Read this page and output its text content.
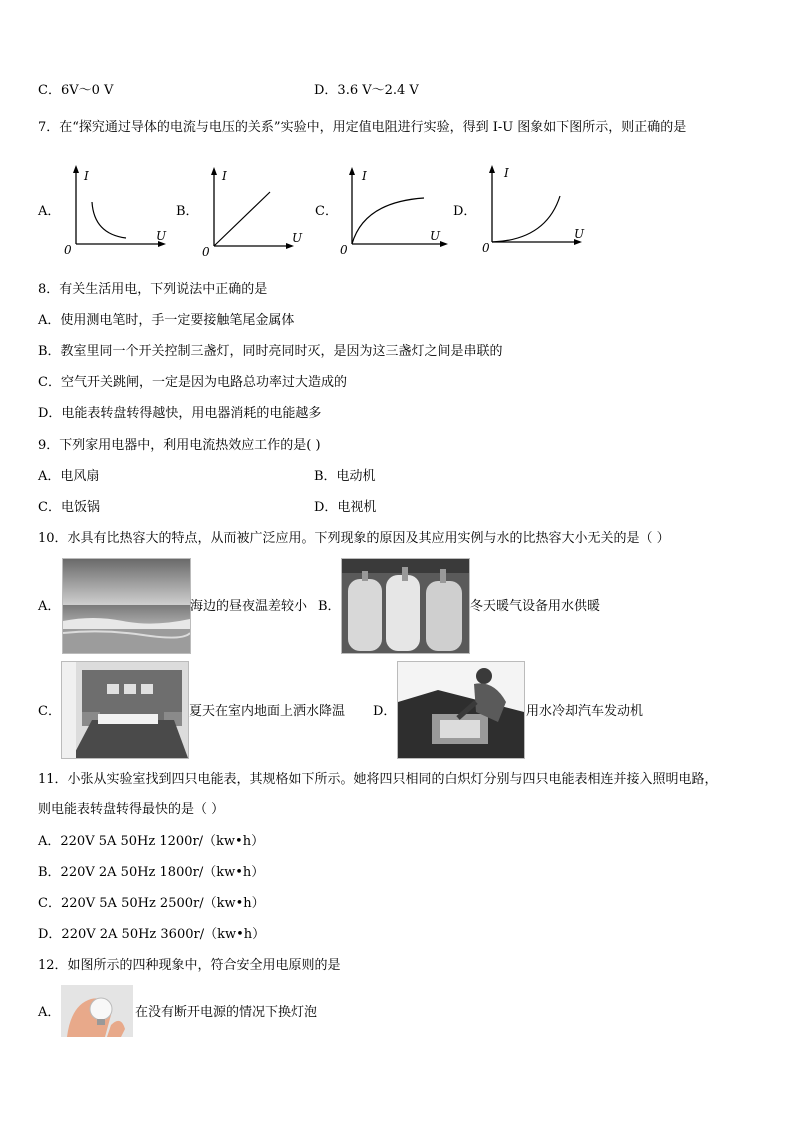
C．6V～0 V	D．3.6 V～2.4 V
7．在“探究通过导体的电流与电压的关系”实验中，用定值电阻进行实验，得到 I-U 图象如下图所示，则正确的是
A．
I
U
0
B．
I
U
0
C．
I
U
0
D．
I
U
0
8．有关生活用电，下列说法中正确的是
A．使用测电笔时，手一定要接触笔尾金属体
B．教室里同一个开关控制三盏灯，同时亮同时灭，是因为这三盏灯之间是串联的
C．空气开关跳闸，一定是因为电路总功率过大造成的
D．电能表转盘转得越快，用电器消耗的电能越多
9．下列家用电器中，利用电流热效应工作的是( )
A．电风扇	B．电动机
C．电饭锅	D．电视机
10．水具有比热容大的特点，从而被广泛应用。下列现象的原因及其应用实例与水的比热容大小无关的是（ ）
A．	海边的昼夜温差较小 B．	冬天暖气设备用水供暖
C．	夏天在室内地面上洒水降温 D．	用水冷却汽车发动机
11．小张从实验室找到四只电能表，其规格如下所示。她将四只相同的白炽灯分别与四只电能表相连并接入照明电路，
则电能表转盘转得最快的是（ ）
A．220V 5A 50Hz 1200r/（kw•h）
B．220V 2A 50Hz 1800r/（kw•h）
C．220V 5A 50Hz 2500r/（kw•h）
D．220V 2A 50Hz 3600r/（kw•h）
12．如图所示的四种现象中，符合安全用电原则的是
A．	在没有断开电源的情况下换灯泡
